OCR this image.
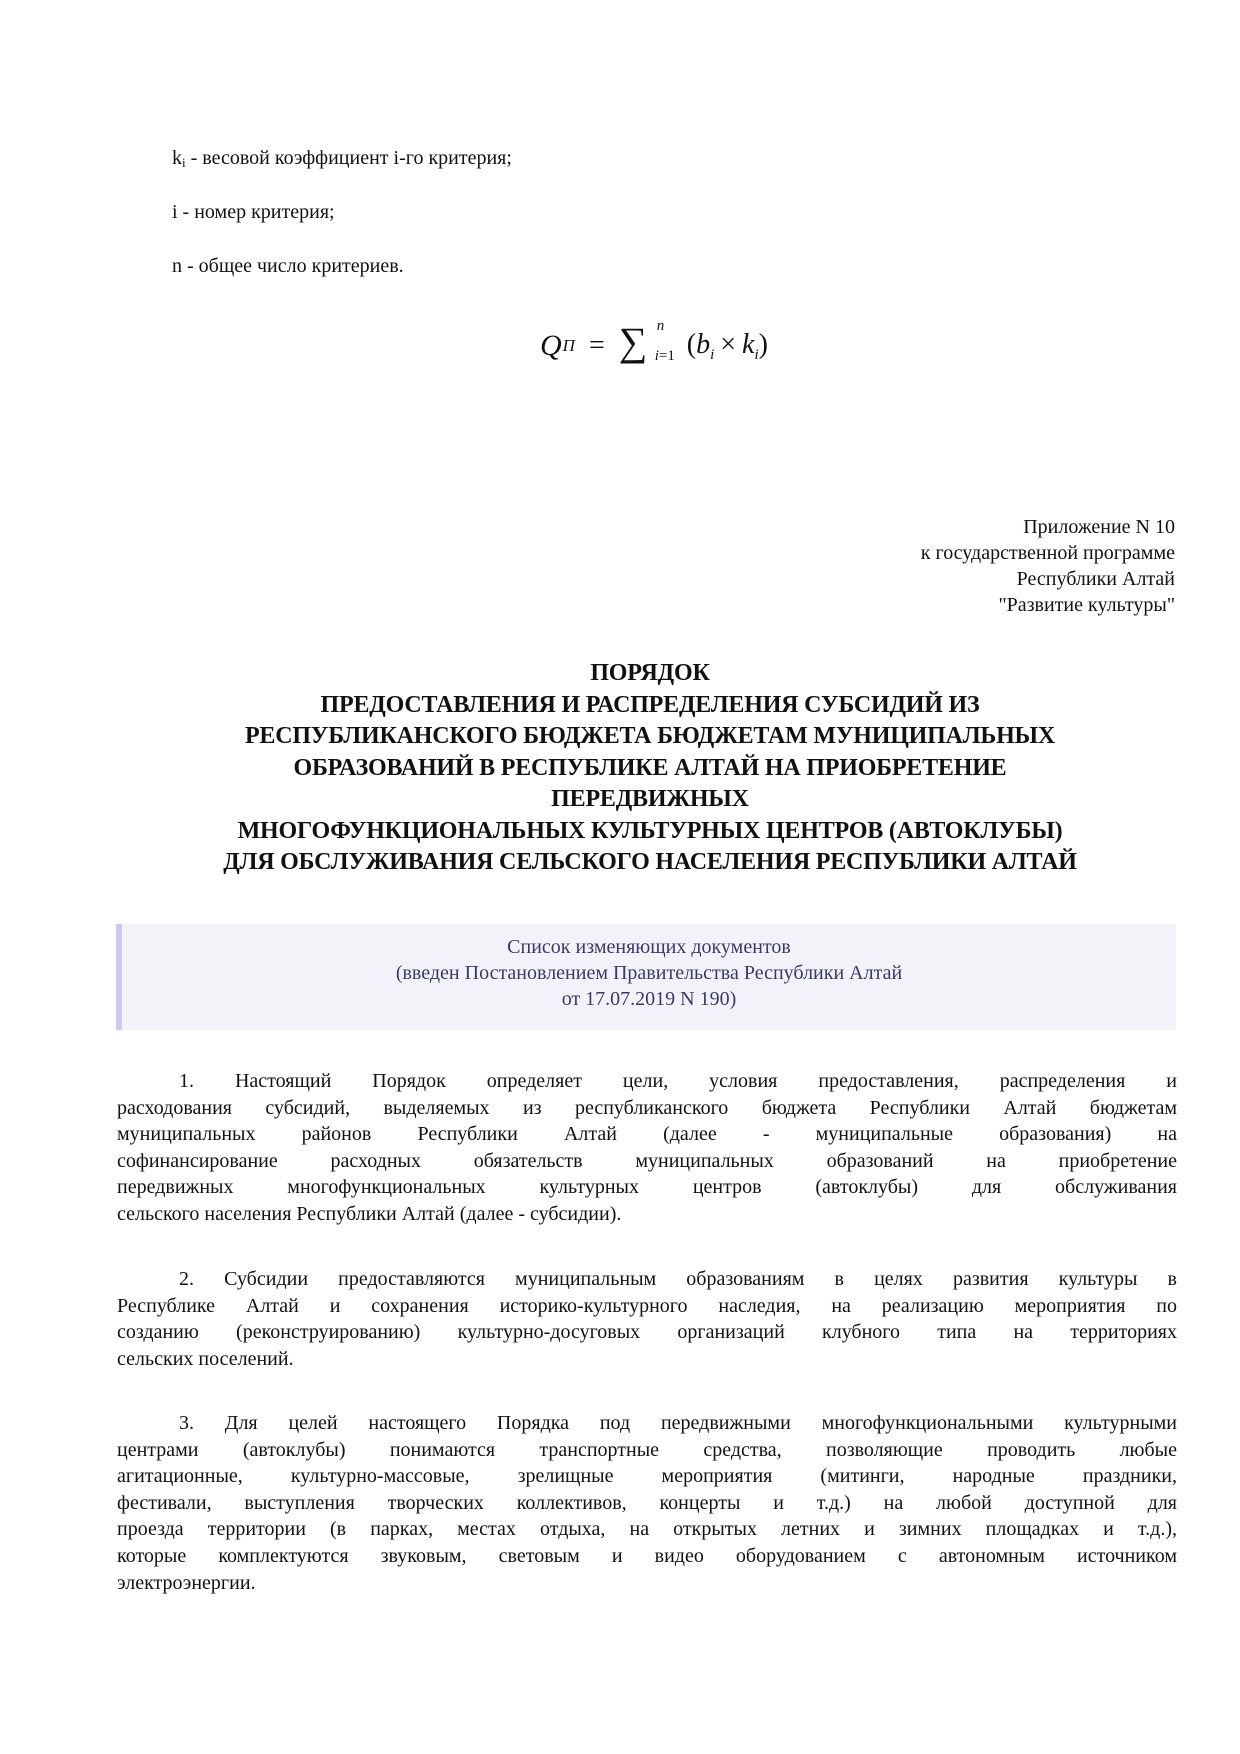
$k_i$ - весовой коэффициент i-го критерия;
i - номер критерия;
n - общее число критериев.
Q П = ∑ n
i=1 $(b_i \times k_i)$
Приложение N 10
к государственной программе
Республики Алтай
"Развитие культуры"
ПОРЯДОК
ПРЕДОСТАВЛЕНИЯ И РАСПРЕДЕЛЕНИЯ СУБСИДИЙ ИЗ
РЕСПУБЛИКАНСКОГО БЮДЖЕТА БЮДЖЕТАМ МУНИЦИПАЛЬНЫХ
ОБРАЗОВАНИЙ В РЕСПУБЛИКЕ АЛТАЙ НА ПРИОБРЕТЕНИЕ
ПЕРЕДВИЖНЫХ
МНОГОФУНКЦИОНАЛЬНЫХ КУЛЬТУРНЫХ ЦЕНТРОВ (АВТОКЛУБЫ)
ДЛЯ ОБСЛУЖИВАНИЯ СЕЛЬСКОГО НАСЕЛЕНИЯ РЕСПУБЛИКИ АЛТАЙ
Список изменяющих документов
(введен Постановлением Правительства Республики Алтай
от 17.07.2019 N 190)
1. Настоящий Порядок определяет цели, условия предоставления, распределения и
расходования субсидий, выделяемых из республиканского бюджета Республики Алтай бюджетам
муниципальных районов Республики Алтай (далее - муниципальные образования) на
софинансирование расходных обязательств муниципальных образований на приобретение
передвижных многофункциональных культурных центров (автоклубы) для обслуживания
сельского населения Республики Алтай (далее - субсидии).
2. Субсидии предоставляются муниципальным образованиям в целях развития культуры в
Республике Алтай и сохранения историко-культурного наследия, на реализацию мероприятия по
созданию (реконструированию) культурно-досуговых организаций клубного типа на территориях
сельских поселений.
3. Для целей настоящего Порядка под передвижными многофункциональными культурными
центрами (автоклубы) понимаются транспортные средства, позволяющие проводить любые
агитационные, культурно-массовые, зрелищные мероприятия (митинги, народные праздники,
фестивали, выступления творческих коллективов, концерты и т.д.) на любой доступной для
проезда территории (в парках, местах отдыха, на открытых летних и зимних площадках и т.д.),
которые комплектуются звуковым, световым и видео оборудованием с автономным источником
электроэнергии.
